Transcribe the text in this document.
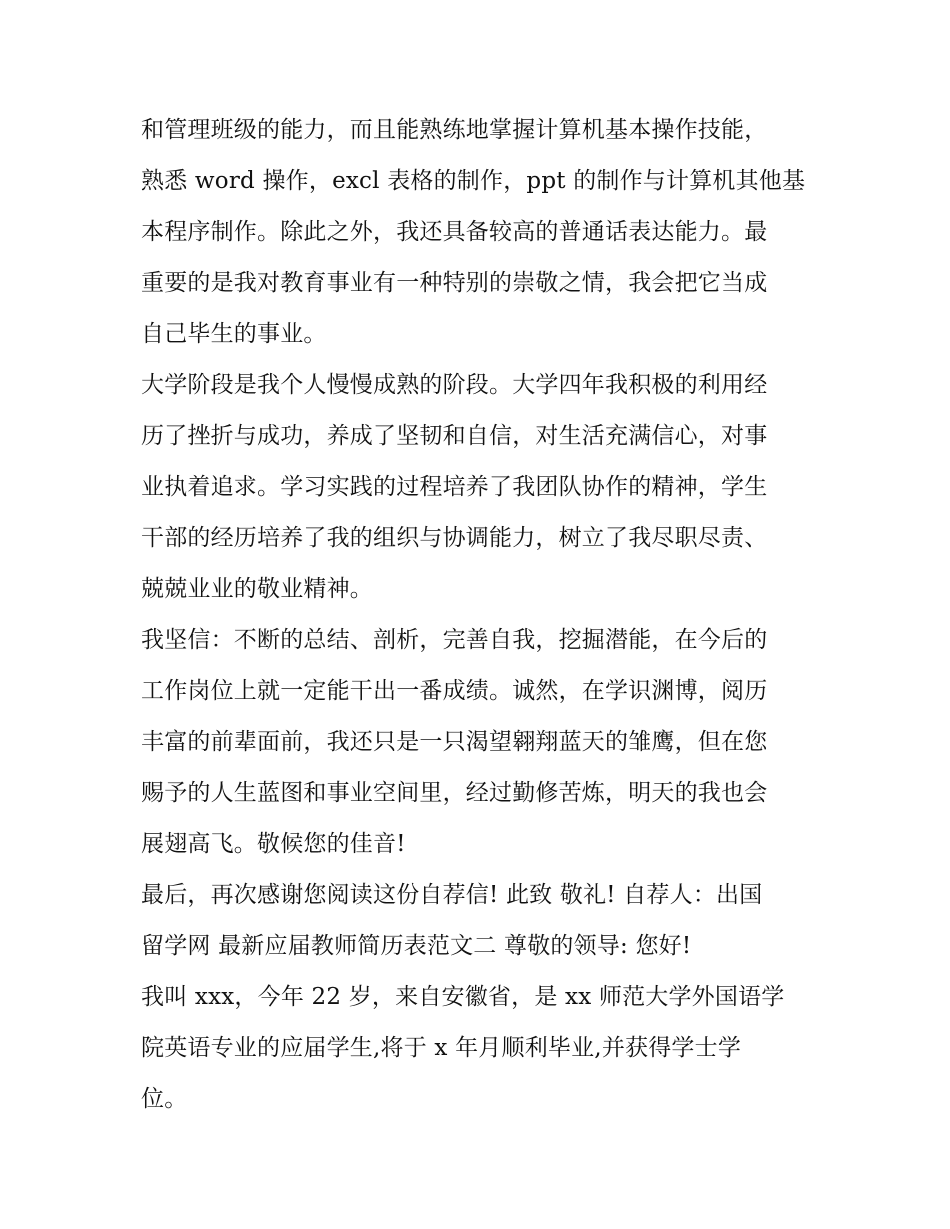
和管理班级的能力，而且能熟练地掌握计算机基本操作技能，
熟悉 word 操作，excl 表格的制作，ppt 的制作与计算机其他基
本程序制作。除此之外，我还具备较高的普通话表达能力。最
重要的是我对教育事业有一种特别的崇敬之情，我会把它当成
自己毕生的事业。
大学阶段是我个人慢慢成熟的阶段。大学四年我积极的利用经
历了挫折与成功，养成了坚韧和自信，对生活充满信心，对事
业执着追求。学习实践的过程培养了我团队协作的精神，学生
干部的经历培养了我的组织与协调能力，树立了我尽职尽责、
兢兢业业的敬业精神。
我坚信：不断的总结、剖析，完善自我，挖掘潜能，在今后的
工作岗位上就一定能干出一番成绩。诚然，在学识渊博，阅历
丰富的前辈面前，我还只是一只渴望翱翔蓝天的雏鹰，但在您
赐予的人生蓝图和事业空间里，经过勤修苦炼，明天的我也会
展翅高飞。敬候您的佳音!
最后，再次感谢您阅读这份自荐信! 此致 敬礼! 自荐人：出国
留学网 最新应届教师简历表范文二 尊敬的领导: 您好!
我叫 xxx，今年 22 岁，来自安徽省，是 xx 师范大学外国语学
院英语专业的应届学生,将于 x 年月顺利毕业,并获得学士学
位。
